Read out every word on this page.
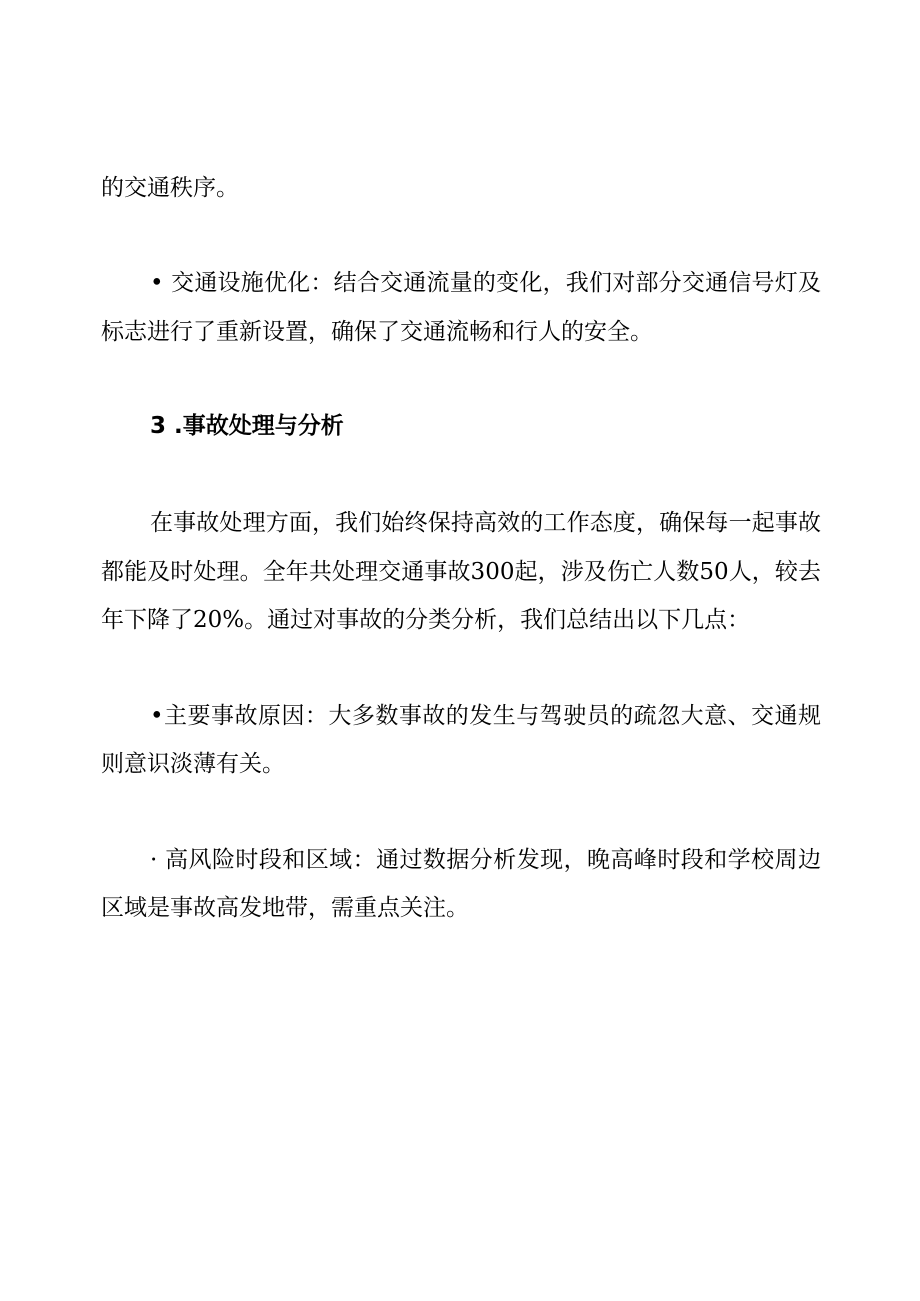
的交通秩序。
• 交通设施优化：结合交通流量的变化，我们对部分交通信号灯及
标志进行了重新设置，确保了交通流畅和行人的安全。
3 .事故处理与分析
在事故处理方面，我们始终保持高效的工作态度，确保每一起事故
都能及时处理。全年共处理交通事故300起，涉及伤亡人数50人，较去
年下降了20%。通过对事故的分类分析，我们总结出以下几点：
•主要事故原因：大多数事故的发生与驾驶员的疏忽大意、交通规
则意识淡薄有关。
· 高风险时段和区域：通过数据分析发现，晚高峰时段和学校周边
区域是事故高发地带，需重点关注。
